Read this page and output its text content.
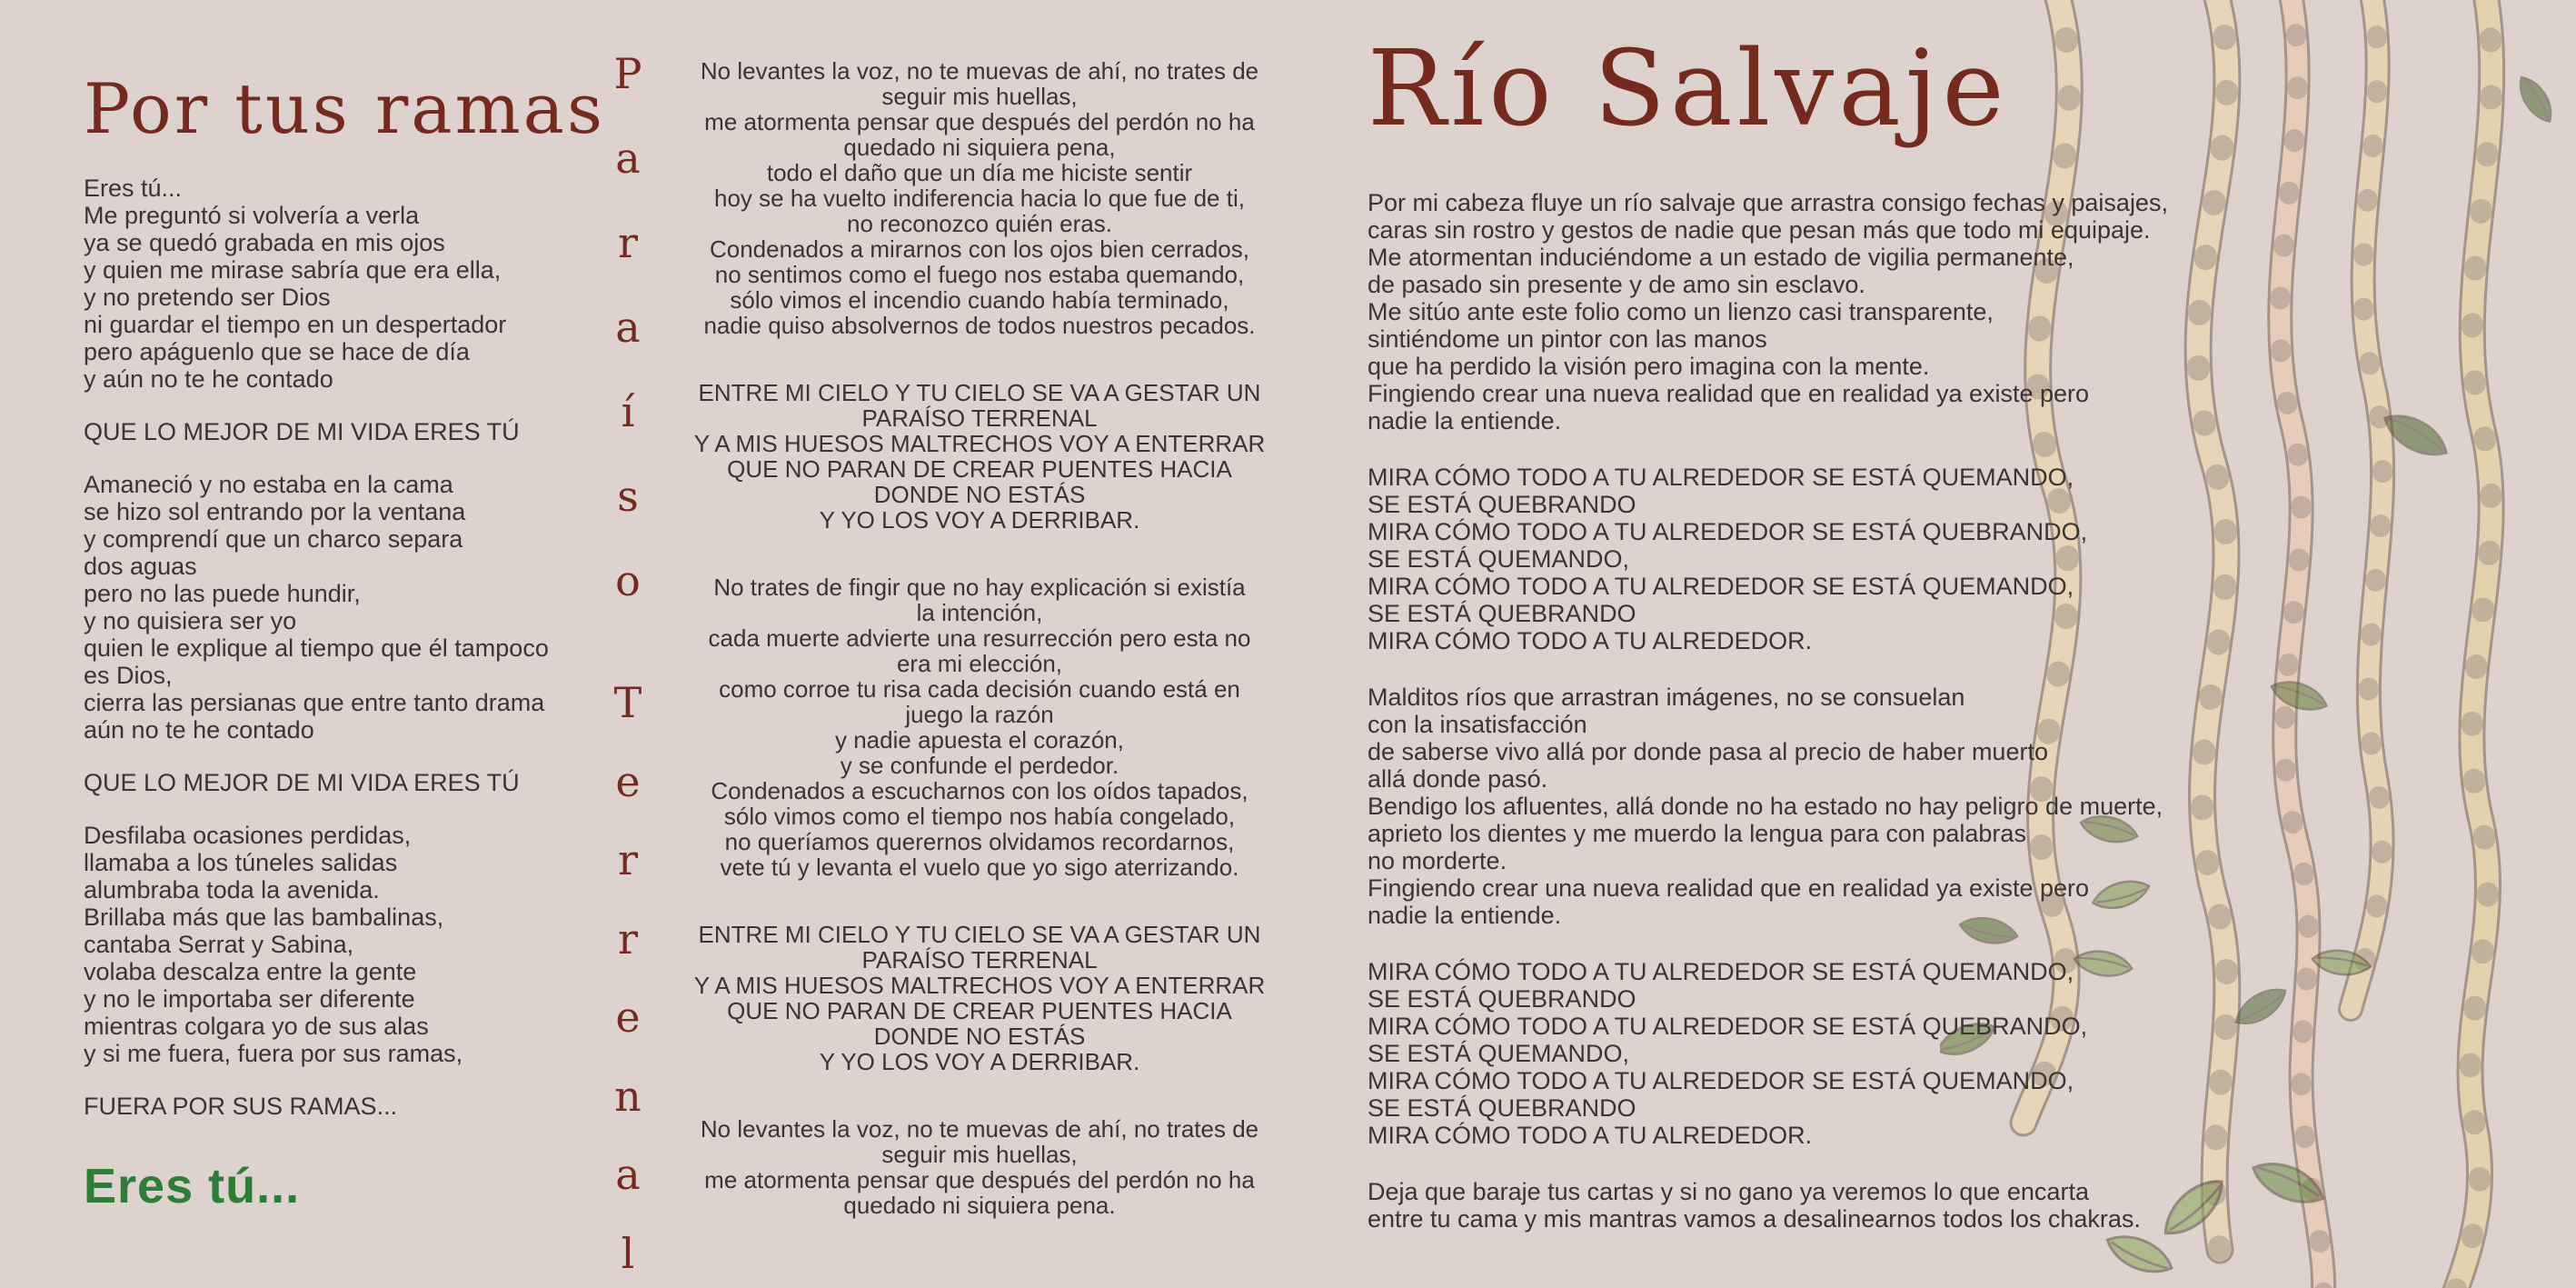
Por tus ramas

Eres tú...
Me preguntó si volvería a verla
ya se quedó grabada en mis ojos
y quien me mirase sabría que era ella,
y no pretendo ser Dios
ni guardar el tiempo en un despertador
pero apáguenlo que se hace de día
y aún no te he contado

QUE LO MEJOR DE MI VIDA ERES TÚ

Amaneció y no estaba en la cama
se hizo sol entrando por la ventana
y comprendí que un charco separa
dos aguas
pero no las puede hundir,
y no quisiera ser yo
quien le explique al tiempo que él tampoco
es Dios,
cierra las persianas que entre tanto drama
aún no te he contado

QUE LO MEJOR DE MI VIDA ERES TÚ

Desfilaba ocasiones perdidas,
llamaba a los túneles salidas
alumbraba toda la avenida.
Brillaba más que las bambalinas,
cantaba Serrat y Sabina,
volaba descalza entre la gente
y no le importaba ser diferente
mientras colgara yo de sus alas
y si me fuera, fuera por sus ramas,

FUERA POR SUS RAMAS...

Eres tú...
P
a
r
a
í
s
o
T
e
r
r
e
n
a
l

No levantes la voz, no te muevas de ahí, no trates de
seguir mis huellas,
me atormenta pensar que después del perdón no ha
quedado ni siquiera pena,
todo el daño que un día me hiciste sentir
hoy se ha vuelto indiferencia hacia lo que fue de ti,
no reconozco quién eras.
Condenados a mirarnos con los ojos bien cerrados,
no sentimos como el fuego nos estaba quemando,
sólo vimos el incendio cuando había terminado,
nadie quiso absolvernos de todos nuestros pecados.

ENTRE MI CIELO Y TU CIELO SE VA A GESTAR UN
PARAÍSO TERRENAL
Y A MIS HUESOS MALTRECHOS VOY A ENTERRAR
QUE NO PARAN DE CREAR PUENTES HACIA
DONDE NO ESTÁS
Y YO LOS VOY A DERRIBAR.

No trates de fingir que no hay explicación si existía
la intención,
cada muerte advierte una resurrección pero esta no
era mi elección,
como corroe tu risa cada decisión cuando está en
juego la razón
y nadie apuesta el corazón,
y se confunde el perdedor.
Condenados a escucharnos con los oídos tapados,
sólo vimos como el tiempo nos había congelado,
no queríamos querernos olvidamos recordarnos,
vete tú y levanta el vuelo que yo sigo aterrizando.

ENTRE MI CIELO Y TU CIELO SE VA A GESTAR UN
PARAÍSO TERRENAL
Y A MIS HUESOS MALTRECHOS VOY A ENTERRAR
QUE NO PARAN DE CREAR PUENTES HACIA
DONDE NO ESTÁS
Y YO LOS VOY A DERRIBAR.

No levantes la voz, no te muevas de ahí, no trates de
seguir mis huellas,
me atormenta pensar que después del perdón no ha
quedado ni siquiera pena.

Río Salvaje

Por mi cabeza fluye un río salvaje que arrastra consigo fechas y paisajes,
caras sin rostro y gestos de nadie que pesan más que todo mi equipaje.
Me atormentan induciéndome a un estado de vigilia permanente,
de pasado sin presente y de amo sin esclavo.
Me sitúo ante este folio como un lienzo casi transparente,
sintiéndome un pintor con las manos
que ha perdido la visión pero imagina con la mente.
Fingiendo crear una nueva realidad que en realidad ya existe pero
nadie la entiende.

MIRA CÓMO TODO A TU ALREDEDOR SE ESTÁ QUEMANDO,
SE ESTÁ QUEBRANDO
MIRA CÓMO TODO A TU ALREDEDOR SE ESTÁ QUEBRANDO,
SE ESTÁ QUEMANDO,
MIRA CÓMO TODO A TU ALREDEDOR SE ESTÁ QUEMANDO,
SE ESTÁ QUEBRANDO
MIRA CÓMO TODO A TU ALREDEDOR.

Malditos ríos que arrastran imágenes, no se consuelan
con la insatisfacción
de saberse vivo allá por donde pasa al precio de haber muerto
allá donde pasó.
Bendigo los afluentes, allá donde no ha estado no hay peligro de muerte,
aprieto los dientes y me muerdo la lengua para con palabras
no morderte.
Fingiendo crear una nueva realidad que en realidad ya existe pero
nadie la entiende.

MIRA CÓMO TODO A TU ALREDEDOR SE ESTÁ QUEMANDO,
SE ESTÁ QUEBRANDO
MIRA CÓMO TODO A TU ALREDEDOR SE ESTÁ QUEBRANDO,
SE ESTÁ QUEMANDO,
MIRA CÓMO TODO A TU ALREDEDOR SE ESTÁ QUEMANDO,
SE ESTÁ QUEBRANDO
MIRA CÓMO TODO A TU ALREDEDOR.

Deja que baraje tus cartas y si no gano ya veremos lo que encarta
entre tu cama y mis mantras vamos a desalinearnos todos los chakras.
